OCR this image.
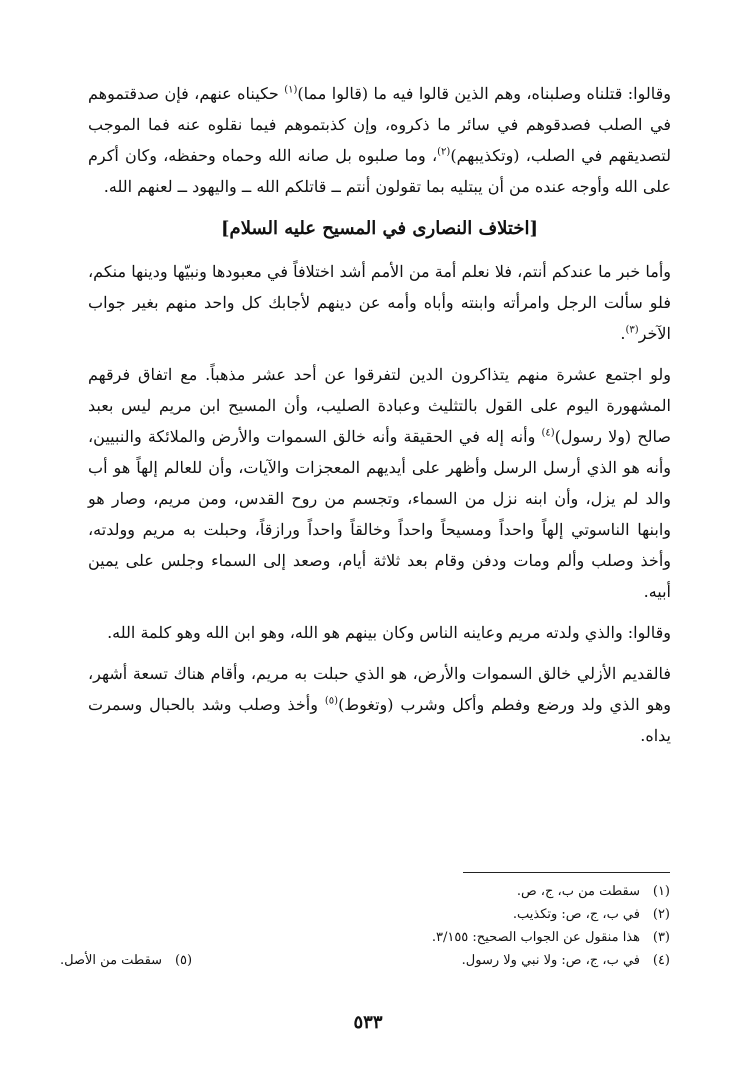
وقالوا: قتلناه وصلبناه، وهم الذين قالوا فيه ما (قالوا مما)$^{(١)}$ حكيناه عنهم، فإن صدقتموهم في الصلب فصدقوهم في سائر ما ذكروه، وإن كذبتموهم فيما نقلوه عنه فما الموجب لتصديقهم في الصلب، (وتكذيبهم)$^{(٢)}$، وما صلبوه بل صانه الله وحماه وحفظه، وكان أكرم على الله وأوجه عنده من أن يبتليه بما تقولون أنتم ــ قاتلكم الله ــ واليهود ــ لعنهم الله.

[اختلاف النصارى في المسيح عليه السلام]

وأما خبر ما عندكم أنتم، فلا نعلم أمة من الأمم أشد اختلافاً في معبودها ونبيّها ودينها منكم، فلو سألت الرجل وامرأته وابنته وأباه وأمه عن دينهم لأجابك كل واحد منهم بغير جواب الآخر$^{(٣)}$.

ولو اجتمع عشرة منهم يتذاكرون الدين لتفرقوا عن أحد عشر مذهباً. مع اتفاق فرقهم المشهورة اليوم على القول بالتثليث وعبادة الصليب، وأن المسيح ابن مريم ليس بعبد صالح (ولا رسول)$^{(٤)}$ وأنه إله في الحقيقة وأنه خالق السموات والأرض والملائكة والنبيين، وأنه هو الذي أرسل الرسل وأظهر على أيديهم المعجزات والآيات، وأن للعالم إلهاً هو أب والد لم يزل، وأن ابنه نزل من السماء، وتجسم من روح القدس، ومن مريم، وصار هو وابنها الناسوتي إلهاً واحداً ومسيحاً واحداً وخالقاً واحداً ورازقاً، وحبلت به مريم وولدته، وأخذ وصلب وألم ومات ودفن وقام بعد ثلاثة أيام، وصعد إلى السماء وجلس على يمين أبيه.

وقالوا: والذي ولدته مريم وعاينه الناس وكان بينهم هو الله، وهو ابن الله وهو كلمة الله.

فالقديم الأزلي خالق السموات والأرض، هو الذي حبلت به مريم، وأقام هناك تسعة أشهر، وهو الذي ولد ورضع وفطم وأكل وشرب (وتغوط)$^{(٥)}$ وأخذ وصلب وشد بالحبال وسمرت يداه.

(١)سقطت من ب، ج، ص.
(٢)في ب، ج، ص: وتكذيب.
(٣)هذا منقول عن الجواب الصحيح: ٣/١٥٥.
(٤)في ب، ج، ص: ولا نبي ولا رسول.
(٥)سقطت من الأصل.
٥٣٣
